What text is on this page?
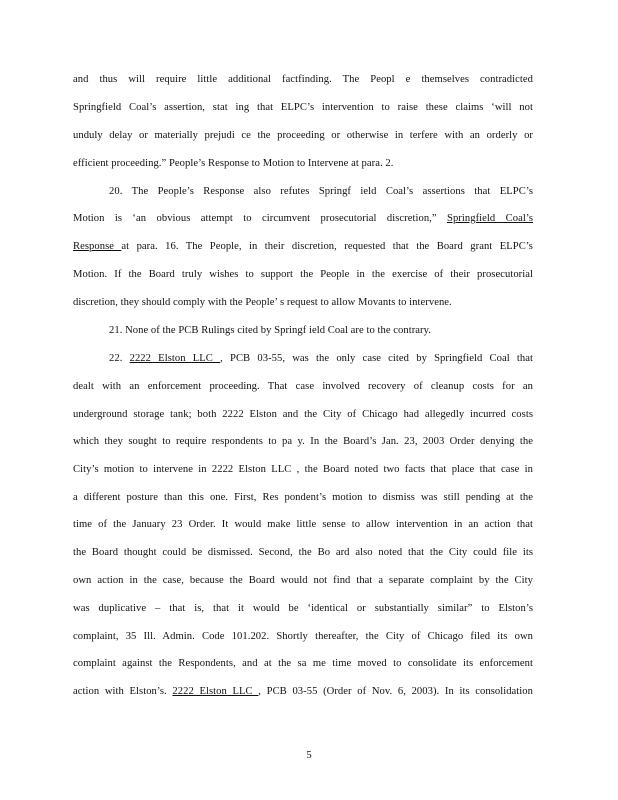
and thus will require little additional factfinding. The Peopl e themselves contradicted
Springfield Coal’s assertion, stat ing that ELPC’s intervention to raise these claims ‘will not
unduly delay or materially prejudi ce the proceeding or otherwise in terfere with an orderly or
efficient proceeding.” People’s Response to Motion to Intervene at para. 2.
20. The People’s Response also refutes Springf ield Coal’s assertions that ELPC’s
Motion is ‘an obvious attempt to circumvent prosecutorial discretion,” Springfield Coal’s
Response at para. 16. The People, in their discretion, requested that the Board grant ELPC’s
Motion. If the Board truly wishes to support the People in the exercise of their prosecutorial
discretion, they should comply with the People’ s request to allow Movants to intervene.
21. None of the PCB Rulings cited by Springf ield Coal are to the contrary.
22. 2222 Elston LLC , PCB 03-55, was the only case cited by Springfield Coal that
dealt with an enforcement proceeding. That case involved recovery of cleanup costs for an
underground storage tank; both 2222 Elston and the City of Chicago had allegedly incurred costs
which they sought to require respondents to pa y. In the Board’s Jan. 23, 2003 Order denying the
City’s motion to intervene in 2222 Elston LLC , the Board noted two facts that place that case in
a different posture than this one. First, Res pondent’s motion to dismiss was still pending at the
time of the January 23 Order. It would make little sense to allow intervention in an action that
the Board thought could be dismissed. Second, the Bo ard also noted that the City could file its
own action in the case, because the Board would not find that a separate complaint by the City
was duplicative – that is, that it would be ‘identical or substantially similar” to Elston’s
complaint, 35 Ill. Admin. Code 101.202. Shortly thereafter, the City of Chicago filed its own
complaint against the Respondents, and at the sa me time moved to consolidate its enforcement
action with Elston’s. 2222 Elston LLC , PCB 03-55 (Order of Nov. 6, 2003). In its consolidation
5
